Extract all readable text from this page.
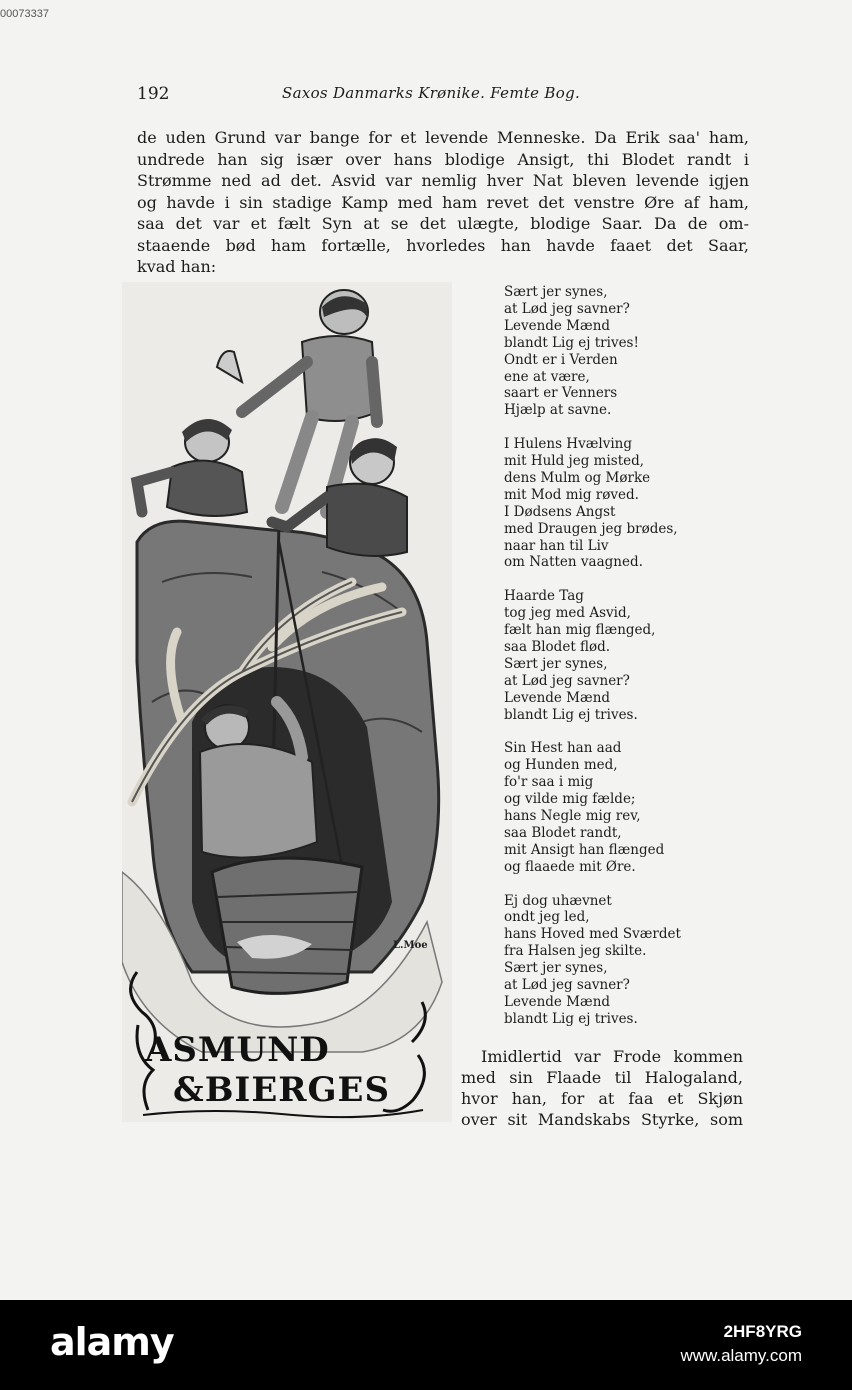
00073337
192	Saxos Danmarks Krønike. Femte Bog.
de uden Grund var bange for et levende Menneske. Da Erik saa' ham,
undrede han sig især over hans blodige Ansigt, thi Blodet randt i
Strømme ned ad det. Asvid var nemlig hver Nat bleven levende igjen
og havde i sin stadige Kamp med ham revet det venstre Øre af ham,
saa det var et fælt Syn at se det ulægte, blodige Saar. Da de om-
staaende bød ham fortælle, hvorledes han havde faaet det Saar,
kvad han:
L.Moe
ASMUND
&BIERGES
Sært jer synes,
at Lød jeg savner?
Levende Mænd
blandt Lig ej trives!
Ondt er i Verden
ene at være,
saart er Venners
Hjælp at savne.
I Hulens Hvælving
mit Huld jeg misted,
dens Mulm og Mørke
mit Mod mig røved.
I Dødsens Angst
med Draugen jeg brødes,
naar han til Liv
om Natten vaagned.
Haarde Tag
tog jeg med Asvid,
fælt han mig flænged,
saa Blodet flød.
Sært jer synes,
at Lød jeg savner?
Levende Mænd
blandt Lig ej trives.
Sin Hest han aad
og Hunden med,
fo'r saa i mig
og vilde mig fælde;
hans Negle mig rev,
saa Blodet randt,
mit Ansigt han flænged
og flaaede mit Øre.
Ej dog uhævnet
ondt jeg led,
hans Hoved med Sværdet
fra Halsen jeg skilte.
Sært jer synes,
at Lød jeg savner?
Levende Mænd
blandt Lig ej trives.
Imidlertid var Frode kommen
med sin Flaade til Halogaland,
hvor han, for at faa et Skjøn
over sit Mandskabs Styrke, som
alamy	2HF8YRG
www.alamy.com
